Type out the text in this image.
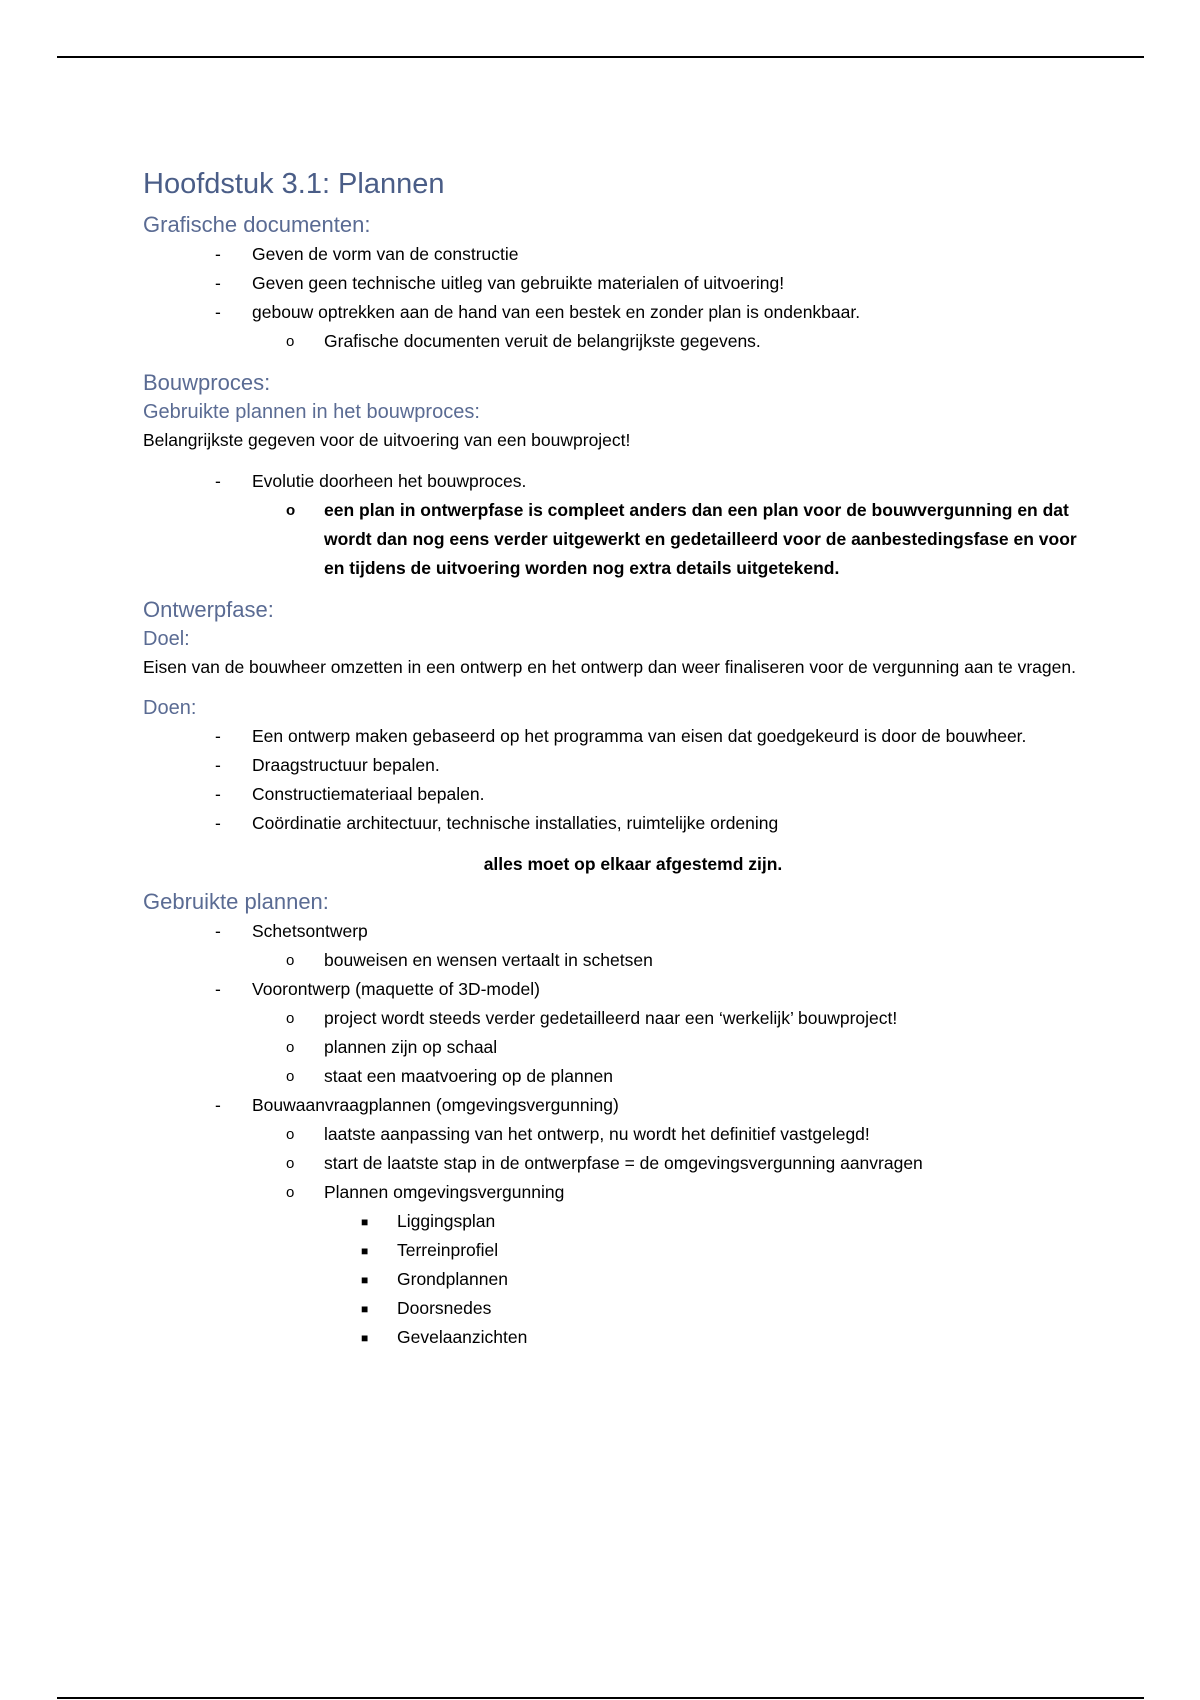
Hoofdstuk 3.1: Plannen
Grafische documenten:
- Geven de vorm van de constructie
- Geven geen technische uitleg van gebruikte materialen of uitvoering!
- gebouw optrekken aan de hand van een bestek en zonder plan is ondenkbaar.
o Grafische documenten veruit de belangrijkste gegevens.
Bouwproces:
Gebruikte plannen in het bouwproces:
Belangrijkste gegeven voor de uitvoering van een bouwproject!
- Evolutie doorheen het bouwproces.
o een plan in ontwerpfase is compleet anders dan een plan voor de bouwvergunning en dat wordt dan nog eens verder uitgewerkt en gedetailleerd voor de aanbestedingsfase en voor en tijdens de uitvoering worden nog extra details uitgetekend.
Ontwerpfase:
Doel:
Eisen van de bouwheer omzetten in een ontwerp en het ontwerp dan weer finaliseren voor de vergunning aan te vragen.
Doen:
- Een ontwerp maken gebaseerd op het programma van eisen dat goedgekeurd is door de bouwheer.
- Draagstructuur bepalen.
- Constructiemateriaal bepalen.
- Coördinatie architectuur, technische installaties, ruimtelijke ordening
alles moet op elkaar afgestemd zijn.
Gebruikte plannen:
- Schetsontwerp
o bouweisen en wensen vertaalt in schetsen
- Voorontwerp (maquette of 3D-model)
o project wordt steeds verder gedetailleerd naar een ‘werkelijk’ bouwproject!
o plannen zijn op schaal
o staat een maatvoering op de plannen
- Bouwaanvraagplannen (omgevingsvergunning)
o laatste aanpassing van het ontwerp, nu wordt het definitief vastgelegd!
o start de laatste stap in de ontwerpfase = de omgevingsvergunning aanvragen
o Plannen omgevingsvergunning
■ Liggingsplan
■ Terreinprofiel
■ Grondplannen
■ Doorsnedes
■ Gevelaanzichten
